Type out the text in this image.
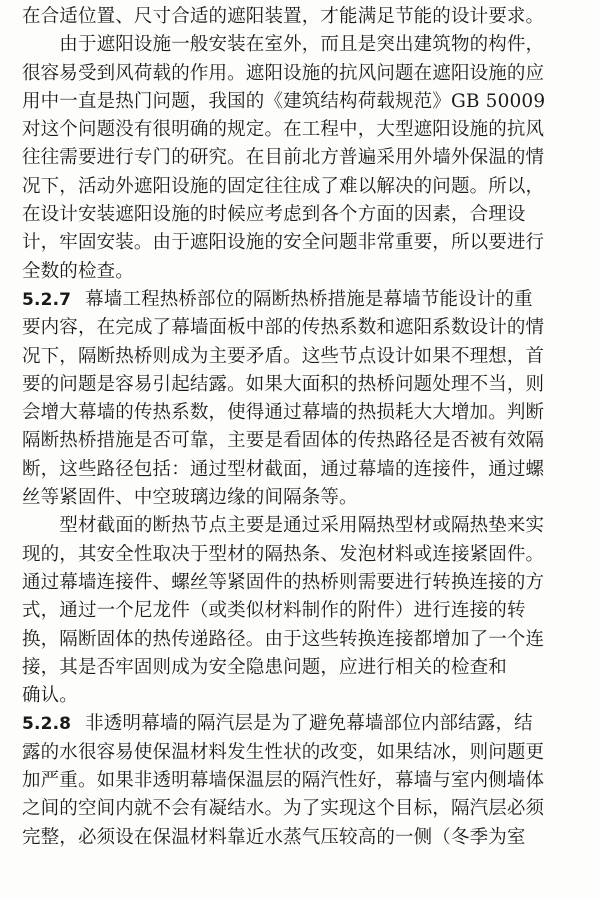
在合适位置、尺寸合适的遮阳装置，才能满足节能的设计要求。
　　由于遮阳设施一般安装在室外，而且是突出建筑物的构件，
很容易受到风荷载的作用。遮阳设施的抗风问题在遮阳设施的应
用中一直是热门问题，我国的《建筑结构荷载规范》GB 50009
对这个问题没有很明确的规定。在工程中，大型遮阳设施的抗风
往往需要进行专门的研究。在目前北方普遍采用外墙外保温的情
况下，活动外遮阳设施的固定往往成了难以解决的问题。所以，
在设计安装遮阳设施的时候应考虑到各个方面的因素，合理设
计，牢固安装。由于遮阳设施的安全问题非常重要，所以要进行
全数的检查。
5.2.7 幕墙工程热桥部位的隔断热桥措施是幕墙节能设计的重
要内容，在完成了幕墙面板中部的传热系数和遮阳系数设计的情
况下，隔断热桥则成为主要矛盾。这些节点设计如果不理想，首
要的问题是容易引起结露。如果大面积的热桥问题处理不当，则
会增大幕墙的传热系数，使得通过幕墙的热损耗大大增加。判断
隔断热桥措施是否可靠，主要是看固体的传热路径是否被有效隔
断，这些路径包括：通过型材截面，通过幕墙的连接件，通过螺
丝等紧固件、中空玻璃边缘的间隔条等。
　　型材截面的断热节点主要是通过采用隔热型材或隔热垫来实
现的，其安全性取决于型材的隔热条、发泡材料或连接紧固件。
通过幕墙连接件、螺丝等紧固件的热桥则需要进行转换连接的方
式，通过一个尼龙件（或类似材料制作的附件）进行连接的转
换，隔断固体的热传递路径。由于这些转换连接都增加了一个连
接，其是否牢固则成为安全隐患问题，应进行相关的检查和
确认。
5.2.8 非透明幕墙的隔汽层是为了避免幕墙部位内部结露，结
露的水很容易使保温材料发生性状的改变，如果结冰，则问题更
加严重。如果非透明幕墙保温层的隔汽性好，幕墙与室内侧墙体
之间的空间内就不会有凝结水。为了实现这个目标，隔汽层必须
完整，必须设在保温材料靠近水蒸气压较高的一侧（冬季为室
